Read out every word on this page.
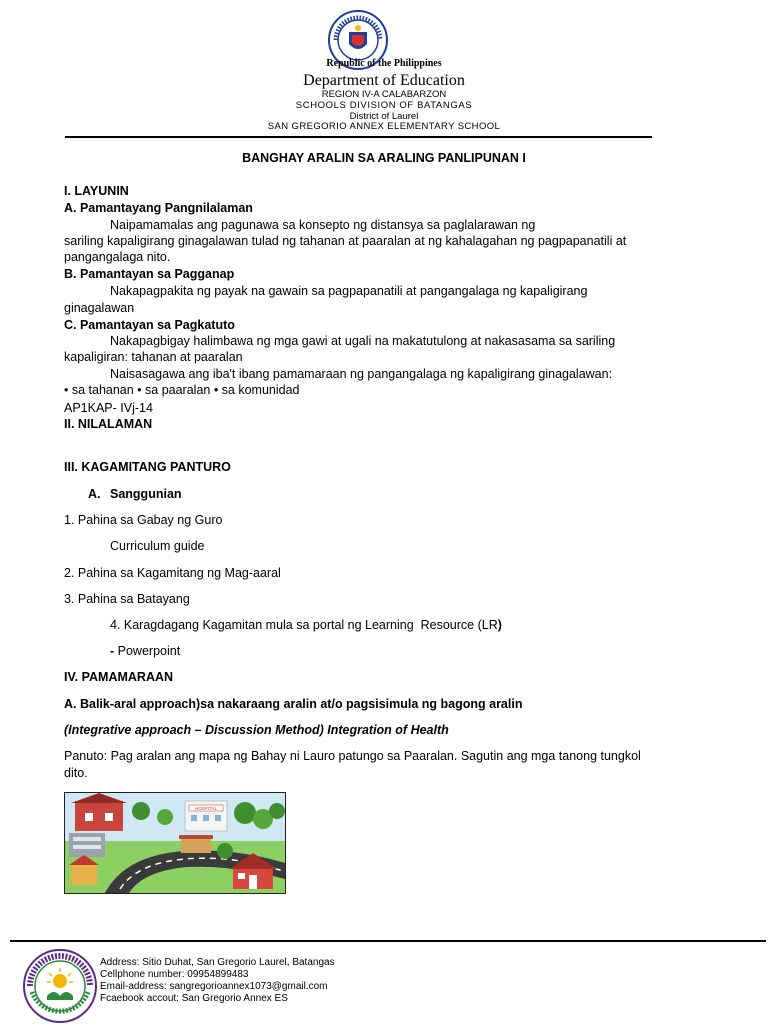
Republic of the Philippines
Department of Education
REGION IV-A CALABARZON
SCHOOLS DIVISION OF BATANGAS
District of Laurel
SAN GREGORIO ANNEX ELEMENTARY SCHOOL
BANGHAY ARALIN SA ARALING PANLIPUNAN I
I. LAYUNIN
A. Pamantayang Pangnilalaman
Naipamamalas ang pagunawa sa konsepto ng distansya sa paglalarawan ng
sariling kapaligirang ginagalawan tulad ng tahanan at paaralan at ng kahalagahan ng pagpapanatili at
pangangalaga nito.
B. Pamantayan sa Pagganap
Nakapagpakita ng payak na gawain sa pagpapanatili at pangangalaga ng kapaligirang
ginagalawan
C. Pamantayan sa Pagkatuto
Nakapagbigay halimbawa ng mga gawi at ugali na makatutulong at nakasasama sa sariling
kapaligiran: tahanan at paaralan
Naisasagawa ang iba't ibang pamamaraan ng pangangalaga ng kapaligirang ginagalawan:
• sa tahanan • sa paaralan • sa komunidad
AP1KAP- IVj-14
II. NILALAMAN
III. KAGAMITANG PANTURO
A. Sanggunian
1. Pahina sa Gabay ng Guro
Curriculum guide
2. Pahina sa Kagamitang ng Mag-aaral
3. Pahina sa Batayang
4. Karagdagang Kagamitan mula sa portal ng Learning  Resource (LR)
- Powerpoint
IV. PAMAMARAAN
A. Balik-aral approach)sa nakaraang aralin at/o pagsisimula ng bagong aralin
(Integrative approach – Discussion Method) Integration of Health
Panuto: Pag aralan ang mapa ng Bahay ni Lauro patungo sa Paaralan. Sagutin ang mga tanong tungkol
dito.
HOSPITAL
Address: Sitio Duhat, San Gregorio Laurel, Batangas
Cellphone number: 09954899483
Email-address: sangregorioannex1073@gmail.com
Fcaebook accout: San Gregorio Annex ES
